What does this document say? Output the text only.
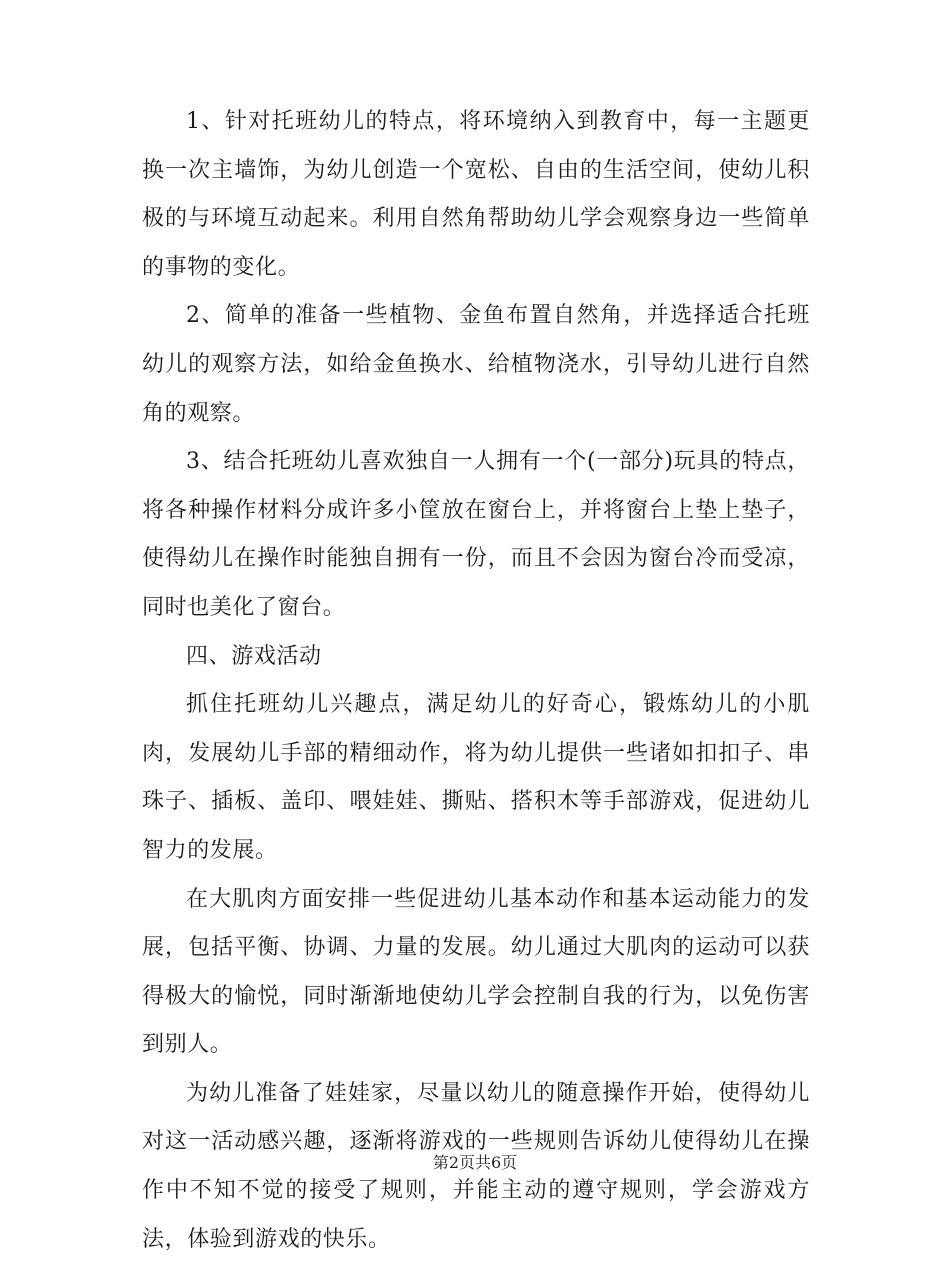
1、针对托班幼儿的特点，将环境纳入到教育中，每一主题更换一次主墙饰，为幼儿创造一个宽松、自由的生活空间，使幼儿积极的与环境互动起来。利用自然角帮助幼儿学会观察身边一些简单的事物的变化。

2、简单的准备一些植物、金鱼布置自然角，并选择适合托班幼儿的观察方法，如给金鱼换水、给植物浇水，引导幼儿进行自然角的观察。

3、结合托班幼儿喜欢独自一人拥有一个(一部分)玩具的特点，将各种操作材料分成许多小筐放在窗台上，并将窗台上垫上垫子，使得幼儿在操作时能独自拥有一份，而且不会因为窗台冷而受凉，同时也美化了窗台。

四、游戏活动

抓住托班幼儿兴趣点，满足幼儿的好奇心，锻炼幼儿的小肌肉，发展幼儿手部的精细动作，将为幼儿提供一些诸如扣扣子、串珠子、插板、盖印、喂娃娃、撕贴、搭积木等手部游戏，促进幼儿智力的发展。

在大肌肉方面安排一些促进幼儿基本动作和基本运动能力的发展，包括平衡、协调、力量的发展。幼儿通过大肌肉的运动可以获得极大的愉悦，同时渐渐地使幼儿学会控制自我的行为，以免伤害到别人。

为幼儿准备了娃娃家，尽量以幼儿的随意操作开始，使得幼儿对这一活动感兴趣，逐渐将游戏的一些规则告诉幼儿使得幼儿在操作中不知不觉的接受了规则，并能主动的遵守规则，学会游戏方法，体验到游戏的快乐。

第2页共6页
